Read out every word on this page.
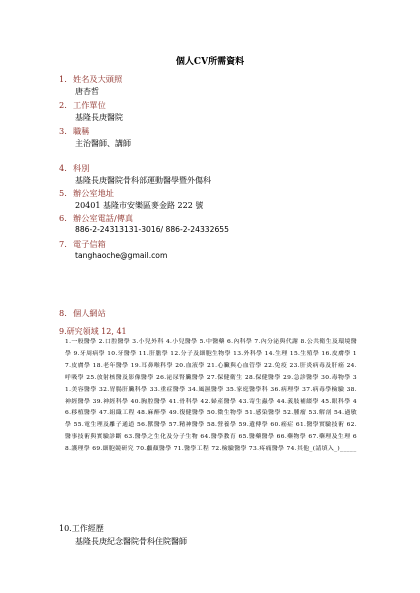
個人CV所需資料
1. 姓名及大頭照
唐杏哲
2. 工作單位
基隆長庚醫院
3. 職稱
主治醫師、講師
4. 科別
基隆長庚醫院骨科部運動醫學暨外傷科
5. 辦公室地址
20401 基隆市安樂區麥金路 222 號
6. 辦公室電話/傳真
886-2-24313131-3016/ 886-2-24332655
7. 電子信箱
tanghaoche@gmail.com
8. 個人網站
9.研究領域 12, 41
1.一般醫學 2.口腔醫學 3.小兒外科 4.小兒醫學 5.中醫藥 6.內科學 7.內分泌與代謝 8.公共衛生及環境醫學 9.牙周病學 10.牙醫學 11.肝膽學 12.分子及細胞生物學 13.外科學 14.生理 15.生殖學 16.皮膚學 17.皮膚學 18.老年醫學 19.耳鼻喉科學 20.血液學 21.心臟與心血管學 22.免疫 23.肝炎病毒及肝癌 24.呼吸學 25.放射核醫及影像醫學 26.泌尿腎臟醫學 27.保健衛生 28.保健醫學 29.急診醫學 30.毒物學 31.美容醫學 32.胃腸肝臟科學 33.重症醫學 34.風濕醫學 35.家庭醫學科 36.病理學 37.病毒學檢驗 38.神經醫學 39.神經科學 40.胸腔醫學 41.骨科學 42.婦產醫學 43.寄生蟲學 44.義肢補綴學 45.眼科學 46.移植醫學 47.組織工程 48.麻醉學 49.復健醫學 50.微生物學 51.感染醫學 52.腫瘤 53.解剖 54.過敏學 55.電生理及離子通道 56.獸醫學 57.精神醫學 58.營養學 59.遺傳學 60.癌症 61.醫學實驗技術 62.醫事技術與實驗診斷 63.醫學之生化及分子生物 64.醫學教育 65.醫藥醫學 66.藥物學 67.藥理及生理 68.護理學 69.細胞競研究 70.顱顏醫學 71.醫學工程 72.檢驗醫學 73.疼痛醫學 74.其他_(請填入_)_____
10.工作經歷
基隆長庚紀念醫院骨科住院醫師
